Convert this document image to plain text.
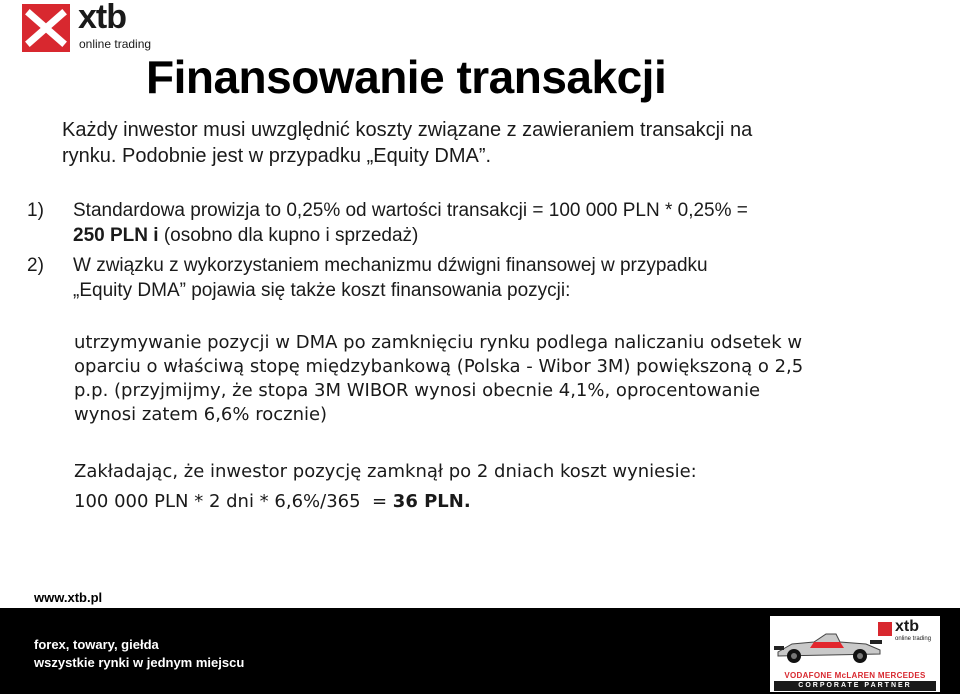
xtb
online trading
Finansowanie transakcji
Każdy inwestor musi uwzględnić koszty związane z zawieraniem transakcji na
rynku. Podobnie jest w przypadku „Equity DMA”.
1) Standardowa prowizja to 0,25% od wartości transakcji = 100 000 PLN * 0,25% =
250 PLN i (osobno dla kupno i sprzedaż)
2) W związku z wykorzystaniem mechanizmu dźwigni finansowej w przypadku
„Equity DMA” pojawia się także koszt finansowania pozycji:
utrzymywanie pozycji w DMA po zamknięciu rynku podlega naliczaniu odsetek w
oparciu o właściwą stopę międzybankową (Polska - Wibor 3M) powiększoną o 2,5
p.p. (przyjmijmy, że stopa 3M WIBOR wynosi obecnie 4,1%, oprocentowanie
wynosi zatem 6,6% rocznie)
Zakładając, że inwestor pozycję zamknął po 2 dniach koszt wyniesie:
100 000 PLN * 2 dni * 6,6%/365  = 36 PLN.
www.xtb.pl
forex, towary, giełda
wszystkie rynki w jednym miejscu
xtb
online trading
VODAFONE McLAREN MERCEDES
CORPORATE PARTNER
